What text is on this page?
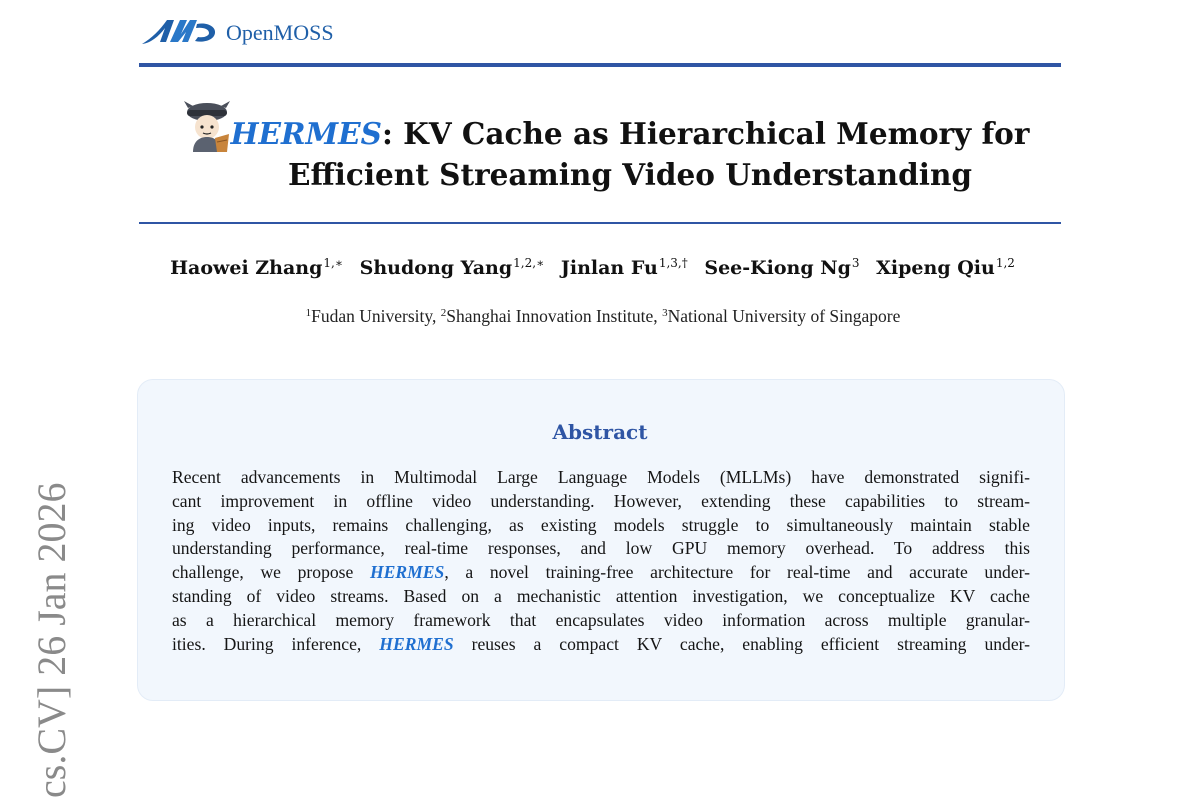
cs.CV] 26 Jan 2026
OpenMOSS
HERMES: KV Cache as Hierarchical Memory for
Efficient Streaming Video Understanding
Haowei Zhang$^{1,∗}$ Shudong Yang$^{1,2,∗}$ Jinlan $Fu^{1,3,\dagger}$ See-Kiong Ng$^3$ Xipeng Qiu$^{1,2}$
$^1$Fudan University, $^2$Shanghai Innovation Institute, $^3$National University of Singapore
Abstract
Recent advancements in Multimodal Large Language Models (MLLMs) have demonstrated signifi-
cant improvement in offline video understanding. However, extending these capabilities to stream-
ing video inputs, remains challenging, as existing models struggle to simultaneously maintain stable
understanding performance, real-time responses, and low GPU memory overhead. To address this
challenge, we propose HERMES, a novel training-free architecture for real-time and accurate under-
standing of video streams. Based on a mechanistic attention investigation, we conceptualize KV cache
as a hierarchical memory framework that encapsulates video information across multiple granular-
ities. During inference, HERMES reuses a compact KV cache, enabling efficient streaming under-
